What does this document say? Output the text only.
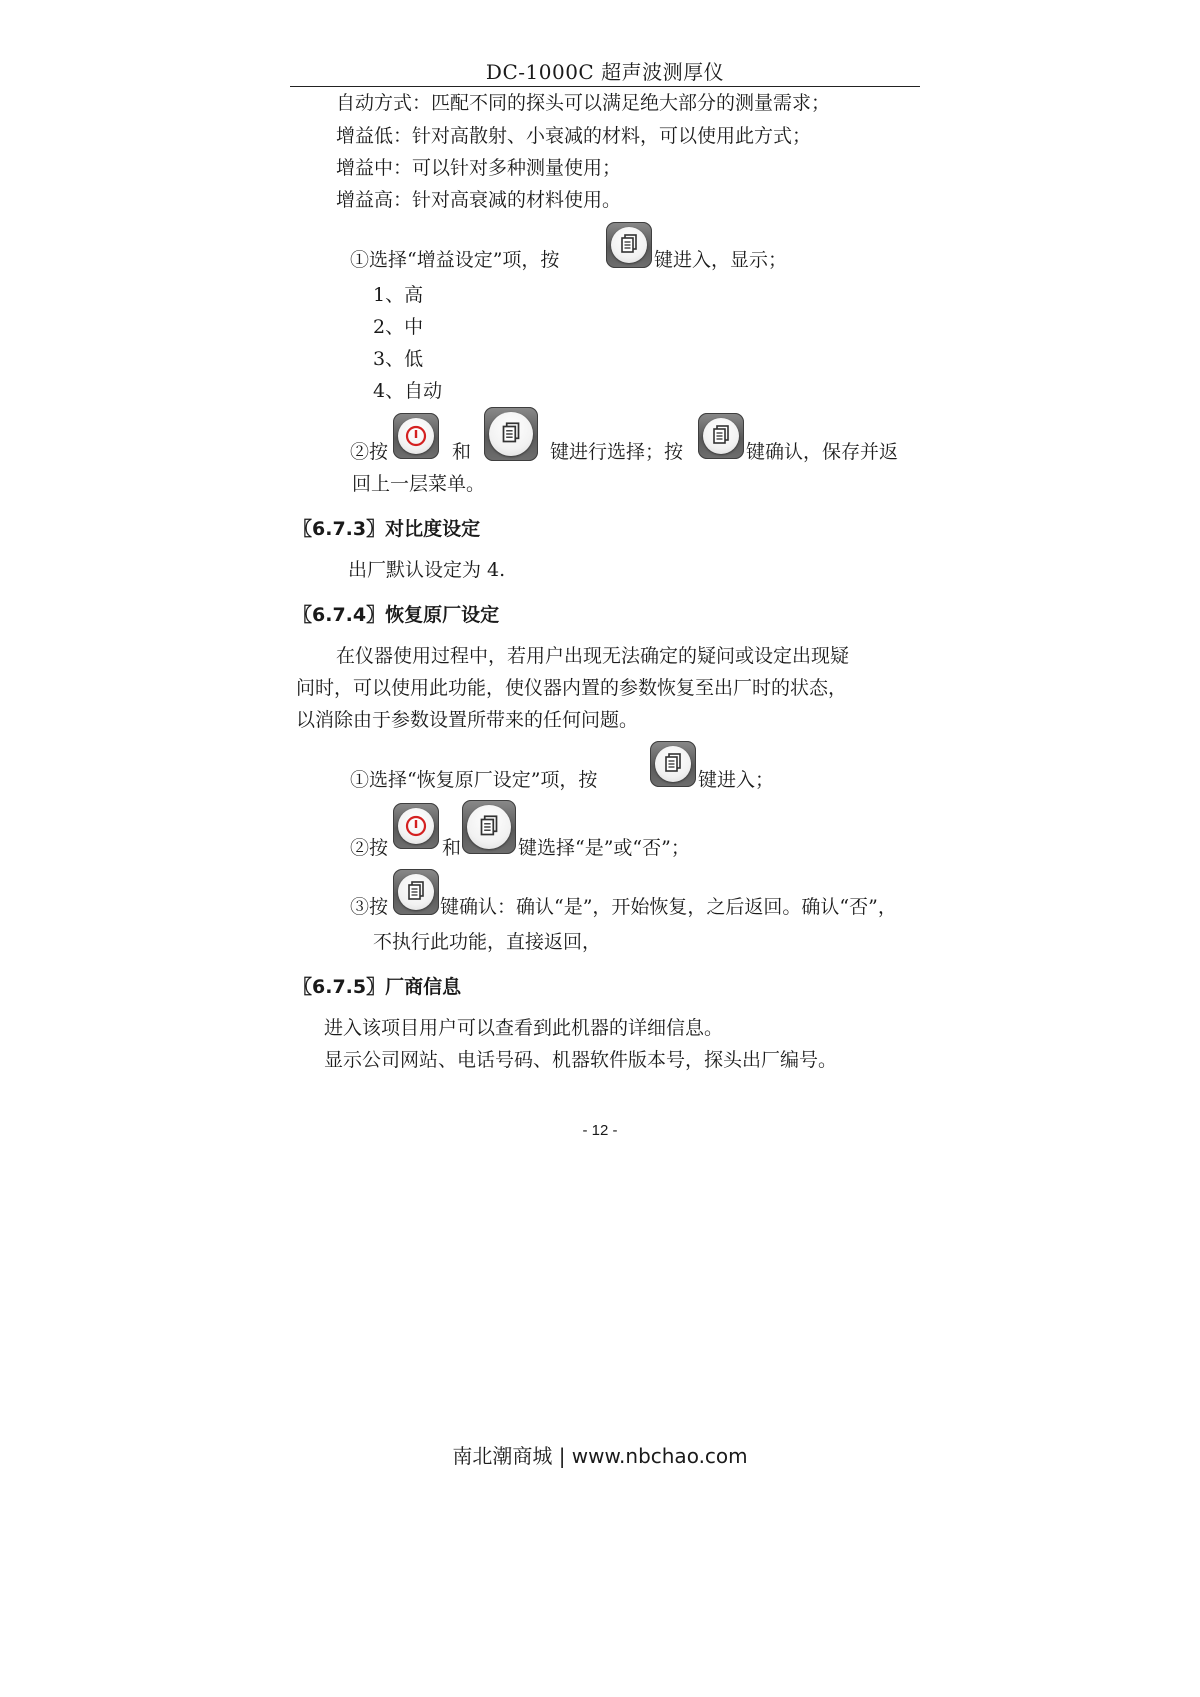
DC-1000C 超声波测厚仪
自动方式：匹配不同的探头可以满足绝大部分的测量需求；
增益低：针对高散射、小衰减的材料，可以使用此方式；
增益中：可以针对多种测量使用；
增益高：针对高衰减的材料使用。
①选择“增益设定”项，按	键进入，显示；
1、高
2、中
3、低
4、自动
②按	和	键进行选择；按	键确认，保存并返
回上一层菜单。
〖6.7.3〗对比度设定
出厂默认设定为 4.
〖6.7.4〗恢复原厂设定
在仪器使用过程中，若用户出现无法确定的疑问或设定出现疑
问时，可以使用此功能，使仪器内置的参数恢复至出厂时的状态，
以消除由于参数设置所带来的任何问题。
①选择“恢复原厂设定”项，按	键进入；
②按	和	键选择“是”或“否”；
③按	键确认：确认“是”，开始恢复，之后返回。确认“否”，
不执行此功能，直接返回，
〖6.7.5〗厂商信息
进入该项目用户可以查看到此机器的详细信息。
显示公司网站、电话号码、机器软件版本号，探头出厂编号。
- 12 -
南北潮商城 | www.nbchao.com
